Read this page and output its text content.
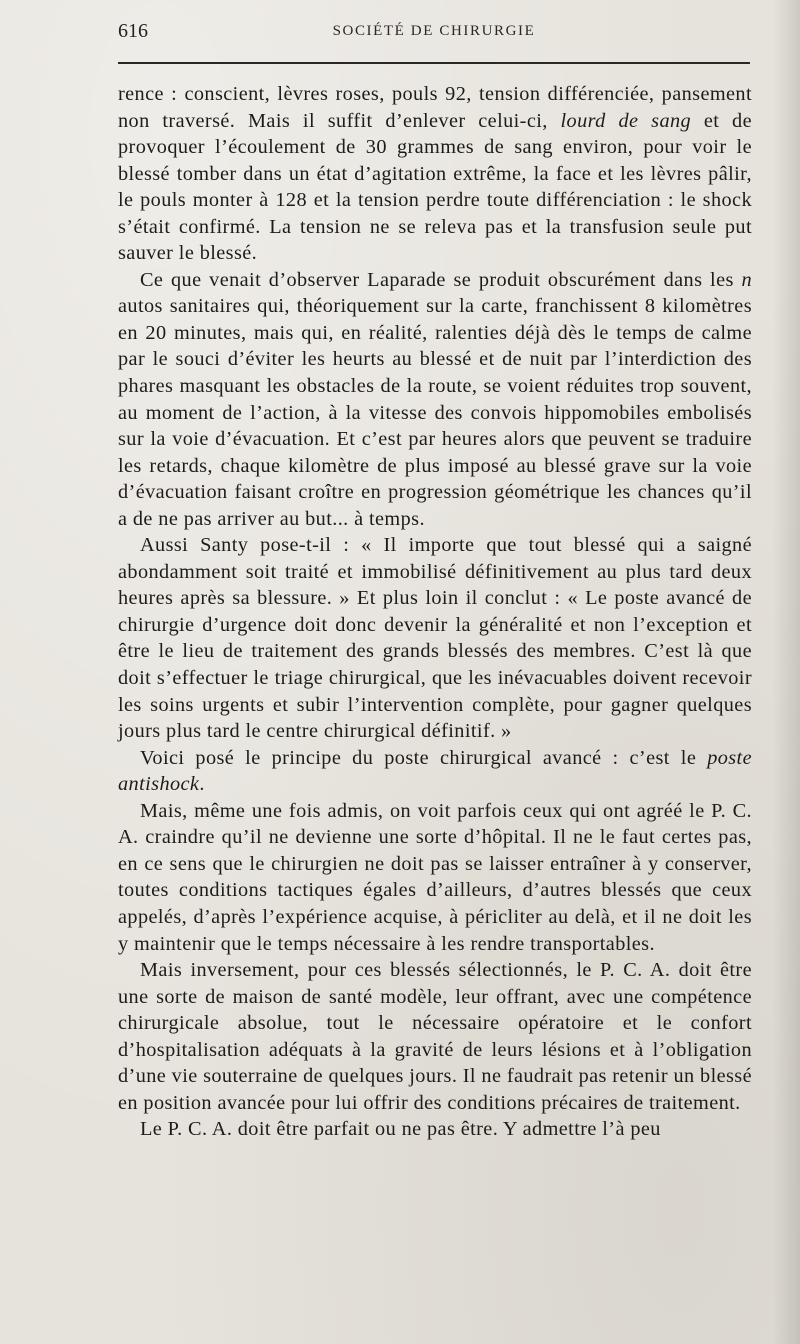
616	SOCIÉTÉ DE CHIRURGIE

rence : conscient, lèvres roses, pouls 92, tension différenciée, pansement non traversé. Mais il suffit d’enlever celui-ci, lourd de sang et de provoquer l’écoulement de 30 grammes de sang environ, pour voir le blessé tomber dans un état d’agitation extrême, la face et les lèvres pâlir, le pouls monter à 128 et la tension perdre toute différenciation : le shock s’était confirmé. La tension ne se releva pas et la transfusion seule put sauver le blessé.

Ce que venait d’observer Laparade se produit obscurément dans les n autos sanitaires qui, théoriquement sur la carte, franchissent 8 kilomètres en 20 minutes, mais qui, en réalité, ralenties déjà dès le temps de calme par le souci d’éviter les heurts au blessé et de nuit par l’interdiction des phares masquant les obstacles de la route, se voient réduites trop souvent, au moment de l’action, à la vitesse des convois hippomobiles embolisés sur la voie d’évacuation. Et c’est par heures alors que peuvent se traduire les retards, chaque kilomètre de plus imposé au blessé grave sur la voie d’évacuation faisant croître en progression géométrique les chances qu’il a de ne pas arriver au but... à temps.

Aussi Santy pose-t-il : « Il importe que tout blessé qui a saigné abondamment soit traité et immobilisé définitivement au plus tard deux heures après sa blessure. » Et plus loin il conclut : « Le poste avancé de chirurgie d’urgence doit donc devenir la généralité et non l’exception et être le lieu de traitement des grands blessés des membres. C’est là que doit s’effectuer le triage chirurgical, que les inévacuables doivent recevoir les soins urgents et subir l’intervention complète, pour gagner quelques jours plus tard le centre chirurgical définitif. »

Voici posé le principe du poste chirurgical avancé : c’est le poste antishock.

Mais, même une fois admis, on voit parfois ceux qui ont agréé le P. C. A. craindre qu’il ne devienne une sorte d’hôpital. Il ne le faut certes pas, en ce sens que le chirurgien ne doit pas se laisser entraîner à y conserver, toutes conditions tactiques égales d’ailleurs, d’autres blessés que ceux appelés, d’après l’expérience acquise, à péricliter au delà, et il ne doit les y maintenir que le temps nécessaire à les rendre transportables.

Mais inversement, pour ces blessés sélectionnés, le P. C. A. doit être une sorte de maison de santé modèle, leur offrant, avec une compétence chirurgicale absolue, tout le nécessaire opératoire et le confort d’hospitalisation adéquats à la gravité de leurs lésions et à l’obligation d’une vie souterraine de quelques jours. Il ne faudrait pas retenir un blessé en position avancée pour lui offrir des conditions précaires de traitement.

Le P. C. A. doit être parfait ou ne pas être. Y admettre l’à peu
